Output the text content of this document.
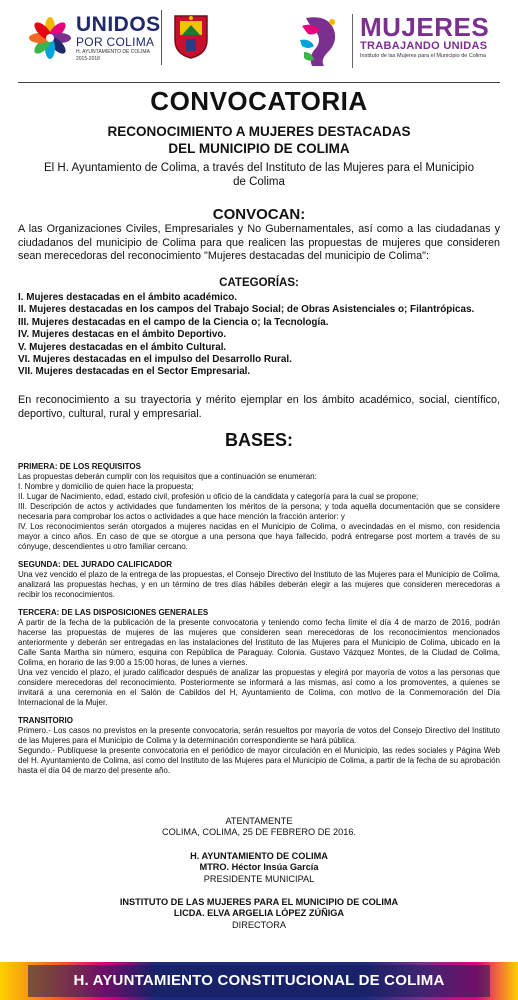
UNIDOS
POR COLIMA
H. AYUNTAMIENTO DE COLIMA 2015-2018
MUJERES
TRABAJANDO UNIDAS
Instituto de las Mujeres para el Municipio de Colima
CONVOCATORIA
RECONOCIMIENTO A MUJERES DESTACADAS
DEL MUNICIPIO DE COLIMA
El H. Ayuntamiento de Colima, a través del Instituto de las Mujeres para el Municipio
de Colima
CONVOCAN:
A las Organizaciones Civiles, Empresariales y No Gubernamentales, así como a las ciudadanas y ciudadanos del municipio de Colima para que realicen las propuestas de mujeres que consideren sean merecedoras del reconocimiento "Mujeres destacadas del municipio de Colima":
CATEGORÍAS:
I. Mujeres destacadas en el ámbito académico.
II. Mujeres destacadas en los campos del Trabajo Social; de Obras Asistenciales o; Filantrópicas.
III. Mujeres destacadas en el campo de la Ciencia o; la Tecnología.
IV. Mujeres destacas en el ámbito Deportivo.
V. Mujeres destacadas en el ámbito Cultural.
VI. Mujeres destacadas en el impulso del Desarrollo Rural.
VII. Mujeres destacadas en el Sector Empresarial.
En reconocimiento a su trayectoria y mérito ejemplar en los ámbito académico, social, científico, deportivo, cultural, rural y empresarial.
BASES:

PRIMERA: DE LOS REQUISITOS

Las propuestas deberán cumplir con los requisitos que a continuación se enumeran:

I. Nombre y domicilio de quien hace la propuesta;

II. Lugar de Nacimiento, edad, estado civil, profesión u oficio de la candidata y categoría para la cual se propone;

III. Descripción de actos y actividades que fundamenten los méritos de la persona; y toda aquella documentación que se considere necesaria para comprobar los actos o actividades a que hace mención la fracción anterior: y

IV. Los reconocimientos serán otorgados a mujeres nacidas en el Municipio de Colima, o avecindadas en el mismo, con residencia mayor a cinco años. En caso de que se otorgue a una persona que haya fallecido, podrá entregarse post mortem a través de su cónyuge, descendientes u otro familiar cercano.

SEGUNDA: DEL JURADO CALIFICADOR

Una vez vencido el plazo de la entrega de las propuestas, el Consejo Directivo del Instituto de las Mujeres para el Municipio de Colima, analizará las propuestas hechas, y en un término de tres días hábiles deberán elegir a las mujeres que consideren merecedoras a recibir los reconocimientos.

TERCERA: DE LAS DISPOSICIONES GENERALES

A partir de la fecha de la publicación de la presente convocatoria y teniendo como fecha límite el día 4 de marzo de 2016, podrán hacerse las propuestas de mujeres de las mujeres que consideren sean merecedoras de los reconocimientos mencionados anteriormente y deberán ser entregadas en las instalaciones del Instituto de las Mujeres para el Municipio de Colima, ubicado en la Calle Santa Martha sin número, esquina con República de Paraguay. Colonia. Gustavo Vázquez Montes, de la Ciudad de Colima, Colima, en horario de las 9:00 a 15:00 horas, de lunes a viernes.

Una vez vencido el plazo, el jurado calificador después de analizar las propuestas y elegirá por mayoría de votos a las personas que considere merecedoras del reconocimiento. Posteriormente se informará a las mismas, así como a los promoventes, a quienes se invitará a una ceremonia en el Salón de Cabildos del H, Ayuntamiento de Colima, con motivo de la Conmemoración del Día Internacional de la Mujer.

TRANSITORIO

Primero.- Los casos no previstos en la presente convocatoria, serán resueltos por mayoría de votos del Consejo Directivo del Instituto de las Mujeres para el Municipio de Colima y la determinación correspondiente se hará pública.

Segundo.- Publíquese la presente convocatoria en el periódico de mayor circulación en el Municipio, las redes sociales y Página Web del H. Ayuntamiento de Colima, así como del Instituto de las Mujeres para el Municipio de Colima, a partir de la fecha de su aprobación hasta el día 04 de marzo del presente año.

ATENTAMENTE
COLIMA, COLIMA, 25 DE FEBRERO DE 2016.
H. AYUNTAMIENTO DE COLIMA
MTRO. Héctor Insúa García
PRESIDENTE MUNICIPAL
INSTITUTO DE LAS MUJERES PARA EL MUNICIPIO DE COLIMA
LICDA. ELVA ARGELIA LÓPEZ ZÚÑIGA
DIRECTORA
H. AYUNTAMIENTO CONSTITUCIONAL DE COLIMA
